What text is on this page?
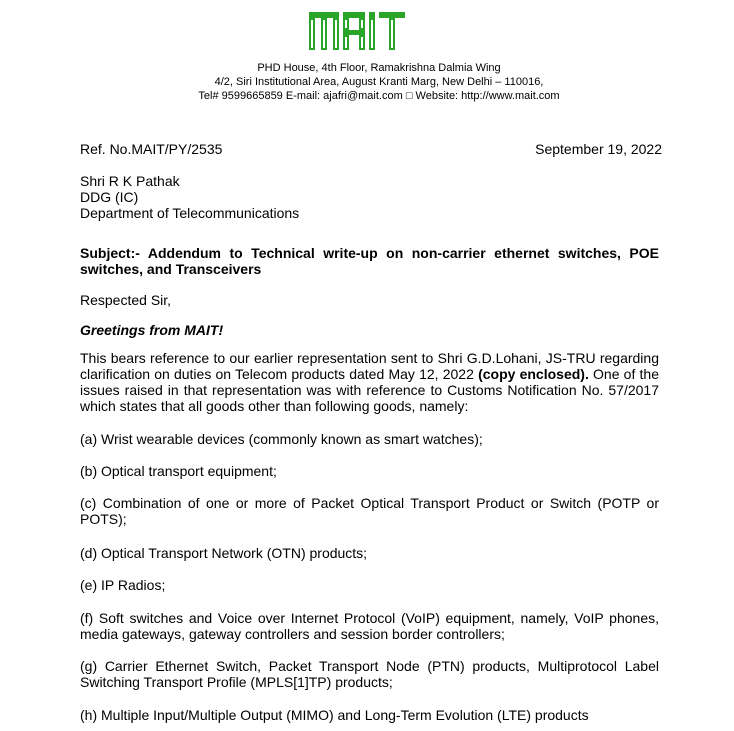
PHD House, 4th Floor, Ramakrishna Dalmia Wing
4/2, Siri Institutional Area, August Kranti Marg, New Delhi – 110016,
Tel# 9599665859 E-mail: ajafri@mait.com □ Website: http://www.mait.com
Ref. No.MAIT/PY/2535	September 19, 2022

Shri R K Pathak

DDG (IC)

Department of Telecommunications

Subject:- Addendum to Technical write-up on non-carrier ethernet switches, POE switches, and Transceivers
Respected Sir,
Greetings from MAIT!
This bears reference to our earlier representation sent to Shri G.D.Lohani, JS-TRU regarding clarification on duties on Telecom products dated May 12, 2022 (copy enclosed). One of the issues raised in that representation was with reference to Customs Notification No. 57/2017 which states that all goods other than following goods, namely:
(a) Wrist wearable devices (commonly known as smart watches);
(b) Optical transport equipment;
(c) Combination of one or more of Packet Optical Transport Product or Switch (POTP or POTS);
(d) Optical Transport Network (OTN) products;
(e) IP Radios;
(f) Soft switches and Voice over Internet Protocol (VoIP) equipment, namely, VoIP phones, media gateways, gateway controllers and session border controllers;
(g) Carrier Ethernet Switch, Packet Transport Node (PTN) products, Multiprotocol Label Switching Transport Profile (MPLS[1]TP) products;
(h) Multiple Input/Multiple Output (MIMO) and Long-Term Evolution (LTE) products
